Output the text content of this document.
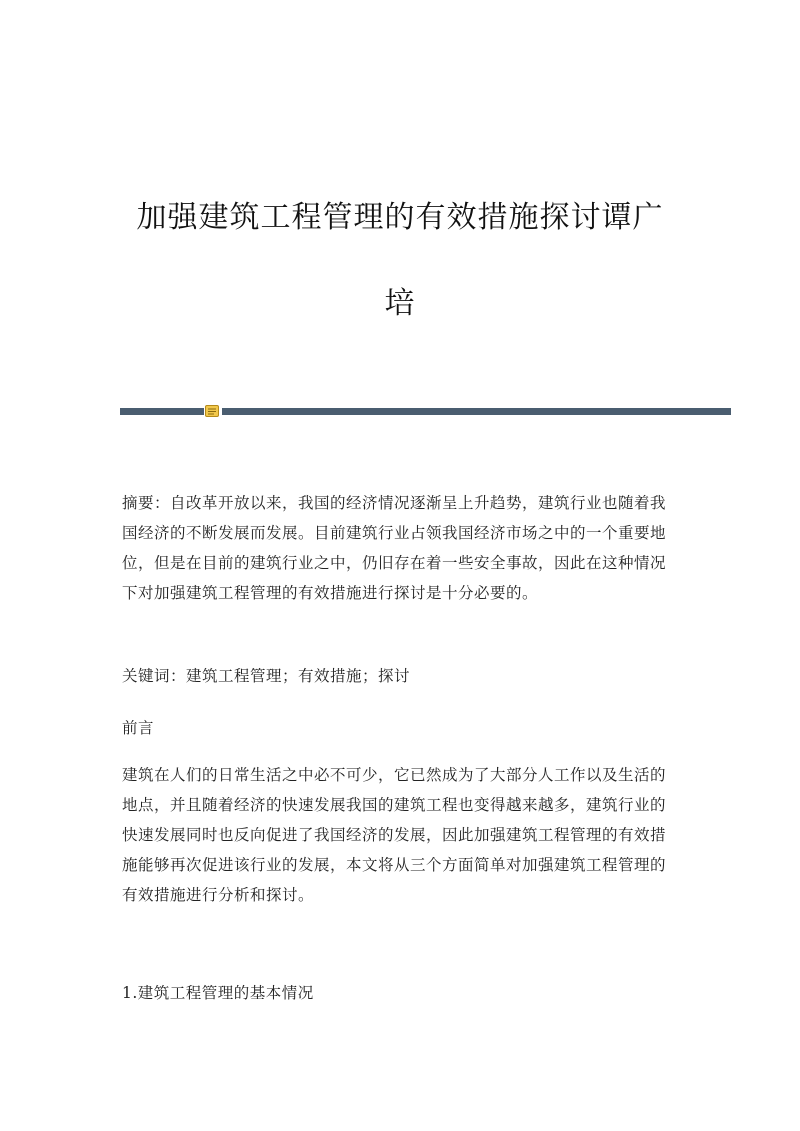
加强建筑工程管理的有效措施探讨谭广
培

摘要：自改革开放以来，我国的经济情况逐渐呈上升趋势，建筑行业也随着我
国经济的不断发展而发展。目前建筑行业占领我国经济市场之中的一个重要地
位，但是在目前的建筑行业之中，仍旧存在着一些安全事故，因此在这种情况
下对加强建筑工程管理的有效措施进行探讨是十分必要的。

关键词：建筑工程管理；有效措施；探讨

前言

建筑在人们的日常生活之中必不可少，它已然成为了大部分人工作以及生活的
地点，并且随着经济的快速发展我国的建筑工程也变得越来越多，建筑行业的
快速发展同时也反向促进了我国经济的发展，因此加强建筑工程管理的有效措
施能够再次促进该行业的发展，本文将从三个方面简单对加强建筑工程管理的
有效措施进行分析和探讨。

1.建筑工程管理的基本情况
